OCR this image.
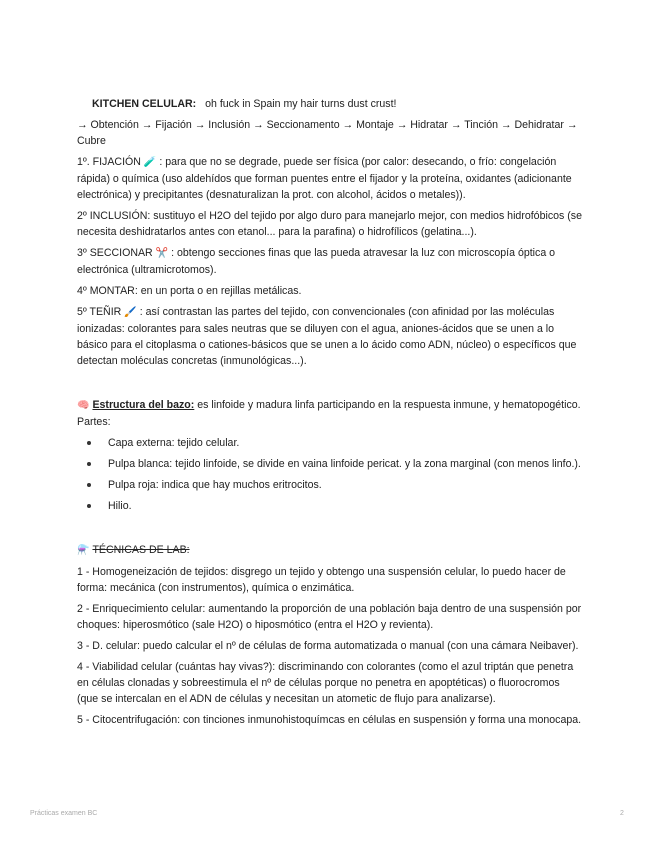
KITCHEN CELULAR: oh fuck in Spain my hair turns dust crust!
→ Obtención → Fijación → Inclusión → Seccionamento → Montaje → Hidratar → Tinción → Dehidratar → Cubre
1º. FIJACIÓN 🧪 : para que no se degrade, puede ser física (por calor: desecando, o frío: congelación rápida) o química (uso aldehídos que forman puentes entre el fijador y la proteína, oxidantes (adicionante electrónica) y precipitantes (desnaturalizan la prot. con alcohol, ácidos o metales)).
2º INCLUSIÓN: sustituyo el H2O del tejido por algo duro para manejarlo mejor, con medios hidrofóbicos (se necesita deshidratarlos antes con etanol... para la parafina) o hidrofílicos (gelatina...).
3º SECCIONAR ✂️ : obtengo secciones finas que las pueda atravesar la luz con microscopía óptica o electrónica (ultramicrotomos).
4º MONTAR: en un porta o en rejillas metálicas.
5º TEÑIR 🖌️ : así contrastan las partes del tejido, con convencionales (con afinidad por las moléculas ionizadas: colorantes para sales neutras que se diluyen con el agua, aniones-ácidos que se unen a lo básico para el citoplasma o cationes-básicos que se unen a lo ácido como ADN, núcleo) o específicos que detectan moléculas concretas (inmunológicas...).
🧠 Estructura del bazo: es linfoide y madura linfa participando en la respuesta inmune, y hematopogético. Partes:
Capa externa: tejido celular.
Pulpa blanca: tejido linfoide, se divide en vaina linfoide pericat. y la zona marginal (con menos linfo.).
Pulpa roja: indica que hay muchos eritrocitos.
Hilio.
⚗️ TÉCNICAS DE LAB:
1 - Homogeneización de tejidos: disgrego un tejido y obtengo una suspensión celular, lo puedo hacer de forma: mecánica (con instrumentos), química o enzimática.
2 - Enriquecimiento celular: aumentando la proporción de una población baja dentro de una suspensión por choques: hiperosmótico (sale H2O) o hiposmótico (entra el H2O y revienta).
3 - D. celular: puedo calcular el nº de células de forma automatizada o manual (con una cámara Neibaver).
4 - Viabilidad celular (cuántas hay vivas?): discriminando con colorantes (como el azul triptán que penetra en células clonadas y sobreestimula el nº de células porque no penetra en apoptéticas) o fluorocromos (que se intercalan en el ADN de células y necesitan un atometic de flujo para analizarse).
5 - Citocentrifugación: con tinciones inmunohistoquímcas en células en suspensión y forma una monocapa.
Prácticas examen BC	2
